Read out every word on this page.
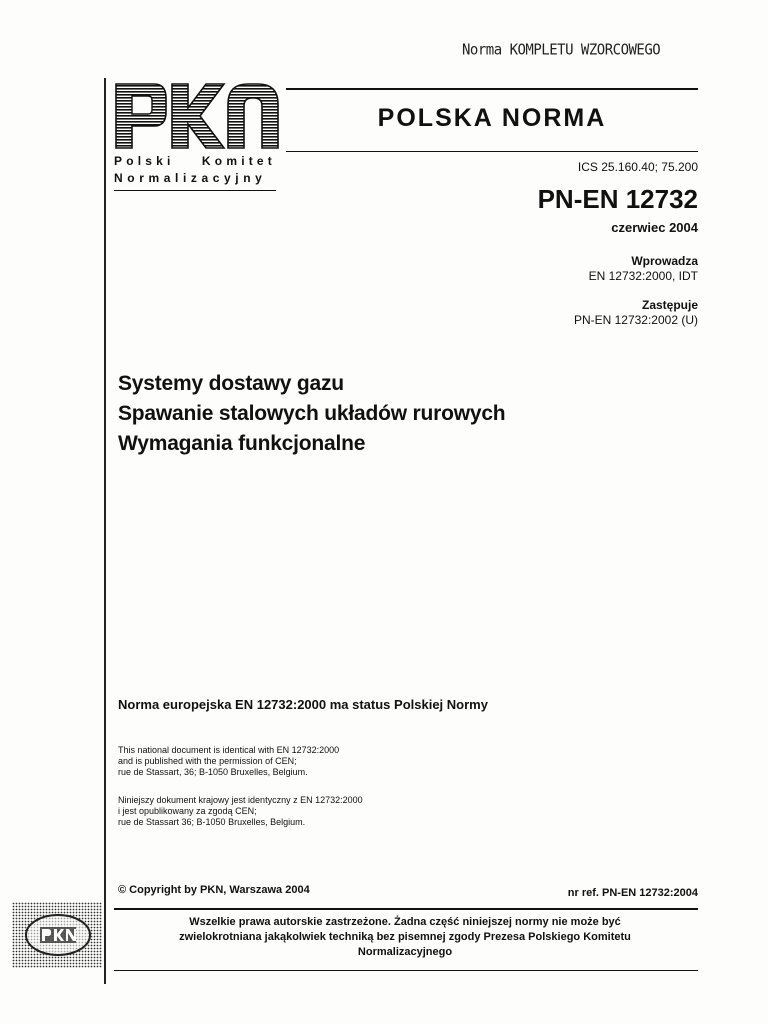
Norma KOMPLETU WZORCOWEGO
Polski Komitet
Normalizacyjny
POLSKA NORMA
ICS 25.160.40; 75.200
PN-EN 12732
czerwiec 2004
Wprowadza
EN 12732:2000, IDT
Zastępuje
PN-EN 12732:2002 (U)
Systemy dostawy gazu
Spawanie stalowych układów rurowych
Wymagania funkcjonalne
Norma europejska EN 12732:2000 ma status Polskiej Normy
This national document is identical with EN 12732:2000
and is published with the permission of CEN;
rue de Stassart, 36; B-1050 Bruxelles, Belgium.
Niniejszy dokument krajowy jest identyczny z EN 12732:2000
i jest opublikowany za zgodą CEN;
rue de Stassart 36; B-1050 Bruxelles, Belgium.
© Copyright by PKN, Warszawa 2004	nr ref. PN-EN 12732:2004
Wszelkie prawa autorskie zastrzeżone. Żadna część niniejszej normy nie może być
zwielokrotniana jakąkolwiek techniką bez pisemnej zgody Prezesa Polskiego Komitetu
Normalizacyjnego
